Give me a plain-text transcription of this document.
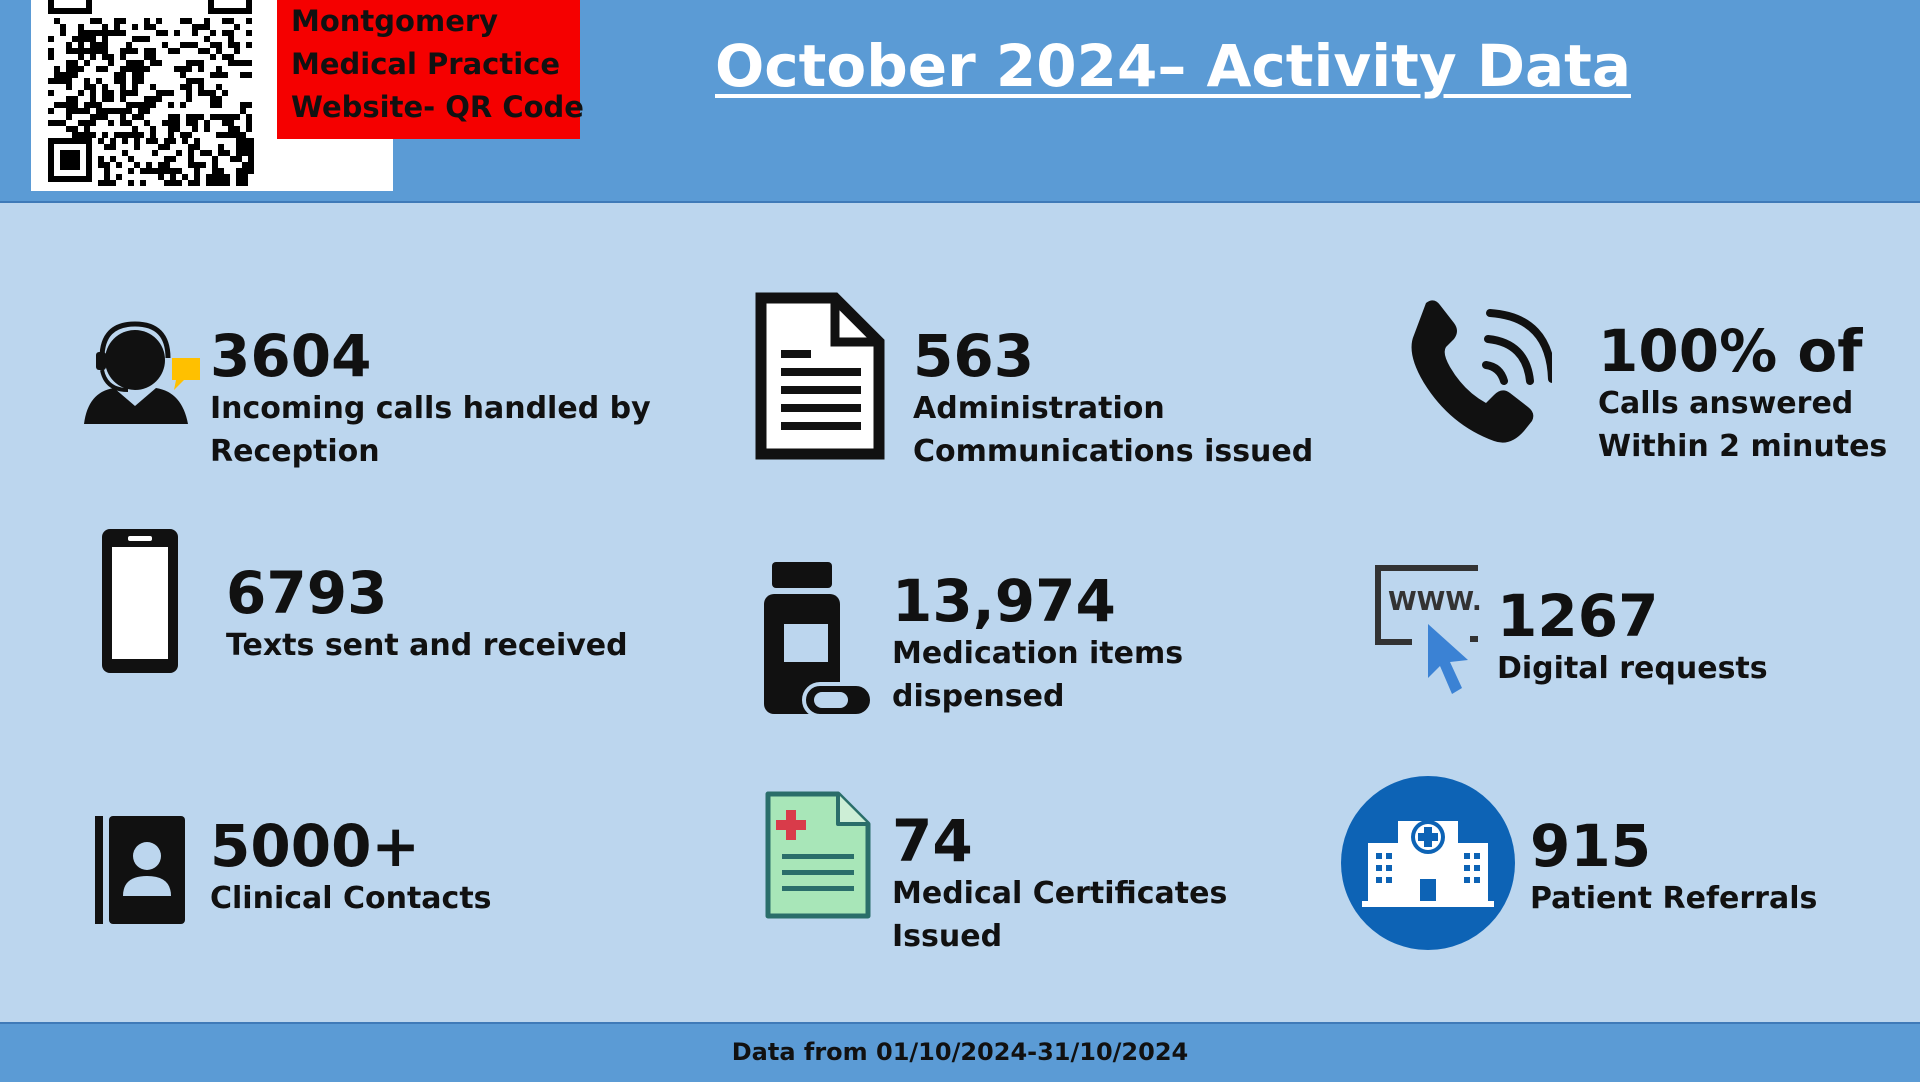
Montgomery
Medical Practice
Website- QR Code
October 2024– Activity Data
3604
Incoming calls handled by
Reception
563
Administration
Communications issued
100% of
Calls answered
Within 2 minutes
6793
Texts sent and received
13,974
Medication items
dispensed
WWW. 1267
Digital requests
5000+
Clinical Contacts
74
Medical Certificates
Issued
915
Patient Referrals
Data from 01/10/2024-31/10/2024
